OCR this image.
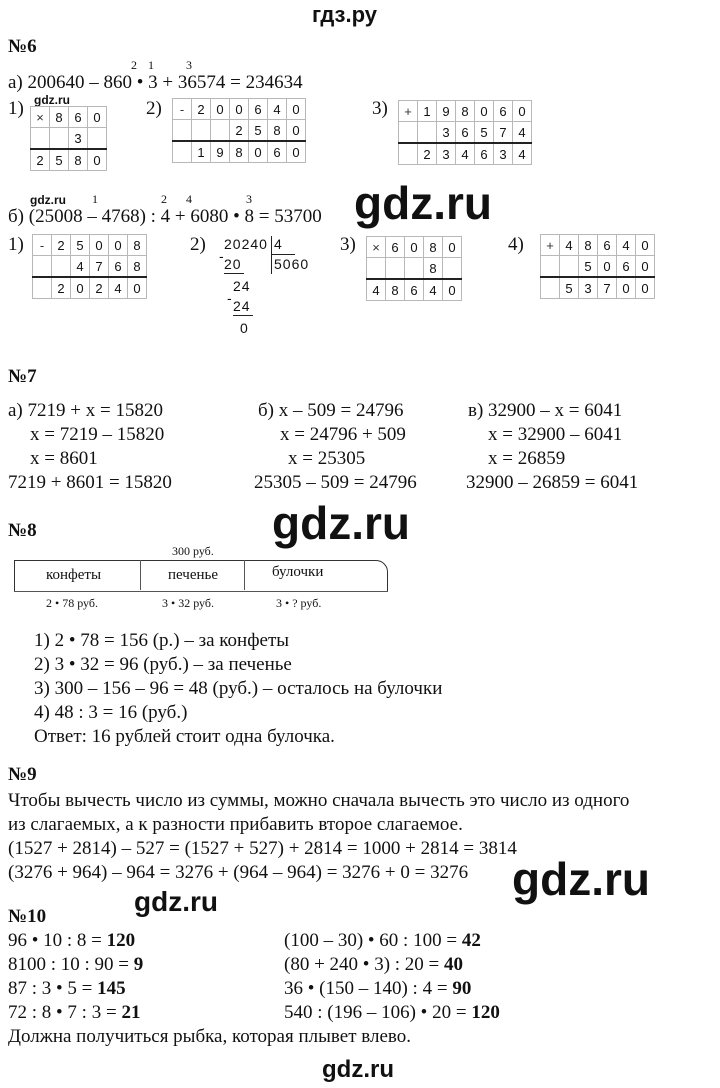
гдз.ру
№6
2 1	3
а) 200640 – 860 • 3 + 36574 = 234634
1) gdz.ru
×	8	6	0
		3	
2	5	8	0
2) -	2	0	0	6	4	0
			2	5	8	0
	1	9	8	0	6	0
3) +	1	9	8	0	6	0
		3	6	5	7	4
	2	3	4	6	3	4
gdz.ru 1	2 4	3
б) (25008 – 4768) : 4 + 6080 • 8 = 53700 gdz.ru
1) -	2	5	0	0	8
		4	7	6	8
	2	0	2	4	0
2) 20240 4
5060
- 20
24
- 24
0
3) ×	6	0	8	0
			8	
4	8	6	4	0
4) +	4	8	6	4	0
		5	0	6	0
	5	3	7	0	0
№7
а) 7219 + x = 15820
x = 7219 – 15820
x = 8601
7219 + 8601 = 15820
б) x – 509 = 24796
x = 24796 + 509
x = 25305
25305 – 509 = 24796
в) 32900 – x = 6041
x = 32900 – 6041
x = 26859
32900 – 26859 = 6041
№8	gdz.ru
300 руб.
конфеты	печенье	булочки
2 • 78 руб.	3 • 32 руб.	3 • ? руб.
1) 2 • 78 = 156 (р.) – за конфеты
2) 3 • 32 = 96 (руб.) – за печенье
3) 300 – 156 – 96 = 48 (руб.) – осталось на булочки
4) 48 : 3 = 16 (руб.)
Ответ: 16 рублей стоит одна булочка.
№9
Чтобы вычесть число из суммы, можно сначала вычесть это число из одного
из слагаемых, а к разности прибавить второе слагаемое.
(1527 + 2814) – 527 = (1527 + 527) + 2814 = 1000 + 2814 = 3814
(3276 + 964) – 964 = 3276 + (964 – 964) = 3276 + 0 = 3276 gdz.ru
gdz.ru
№10
96 • 10 : 8 = 120
8100 : 10 : 90 = 9
87 : 3 • 5 = 145
72 : 8 • 7 : 3 = 21
(100 – 30) • 60 : 100 = 42
(80 + 240 • 3) : 20 = 40
36 • (150 – 140) : 4 = 90
540 : (196 – 106) • 20 = 120
Должна получиться рыбка, которая плывет влево.
gdz.ru
